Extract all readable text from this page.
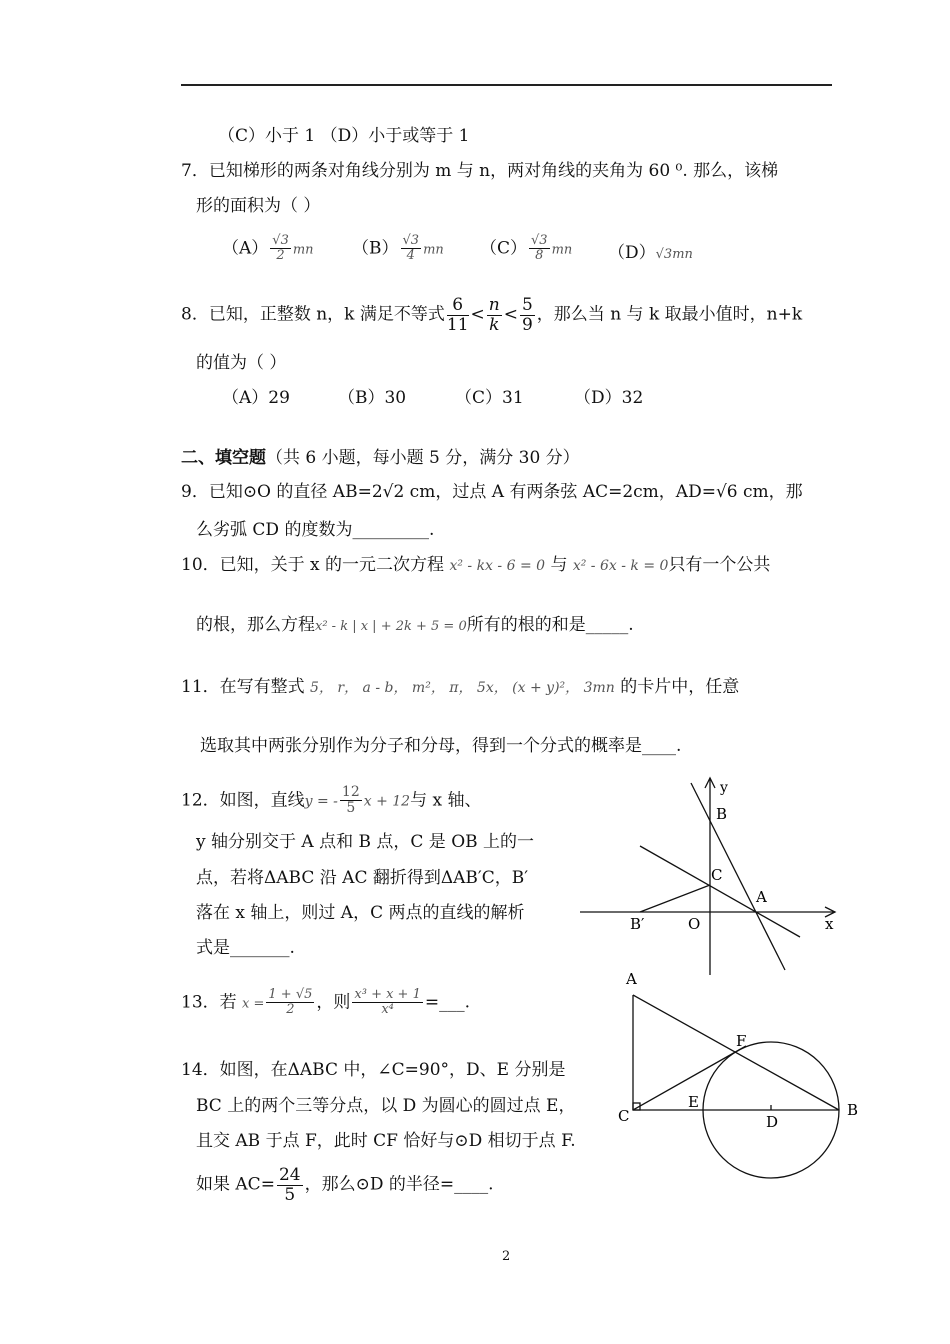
（C）小于 1 （D）小于或等于 1
7．已知梯形的两条对角线分别为 m 与 n，两对角线的夹角为 60 ⁰. 那么，该梯
形的面积为（ ）
$(A) \frac{√3}{2}$ mn $(B) \frac{√3}{4}$ mn $(C) \frac{√3}{8}$ mn （D）√3mn
8．已知，正整数 n，k 满足不等式 $\frac{6}{11} < \frac{n}{k} < \frac{5}{9}$ ，那么当 n 与 k 取最小值时，n+k
的值为（ ）
（A）29	（B）30	（C）31	（D）32
二、填空题（共 6 小题，每小题 5 分，满分 30 分）
9．已知⊙O 的直径 AB=2√2 cm，过点 A 有两条弦 AC=2cm，AD=√6 cm，那
么劣弧 CD 的度数为_________.
10．已知，关于 x 的一元二次方程 x² - kx - 6 = 0 与 x² - 6x - k = 0只有一个公共
的根，那么方程x² - k | x | + 2k + 5 = 0所有的根的和是_____.
11．在写有整式 5， r， a - b， m²， π， 5x， (x + y)²， 3mn 的卡片中，任意
选取其中两张分别作为分子和分母，得到一个分式的概率是____.
12．如图，直线y = - $\frac{12}{5}$ x + 12与 x 轴、
y 轴分别交于 A 点和 B 点，C 是 OB 上的一
点，若将ΔABC 沿 AC 翻折得到ΔAB′C，B′
落在 x 轴上，则过 A，C 两点的直线的解析
式是_______.
13．若 $x = \frac{1 + √5}{2}$ ，则 $\frac{\text{x³ + x + 1}}{\text{x⁴}}$ =___.
14．如图，在ΔABC 中，∠C=90°，D、E 分别是
BC 上的两个三等分点，以 D 为圆心的圆过点 E，
且交 AB 于点 F，此时 CF 恰好与⊙D 相切于点 F.
如果 $AC= \frac{24}{5}$ ，那么⊙D 的半径=____.
y
B
C
A
B′	O	x
A
F
E
C	D
B
2
